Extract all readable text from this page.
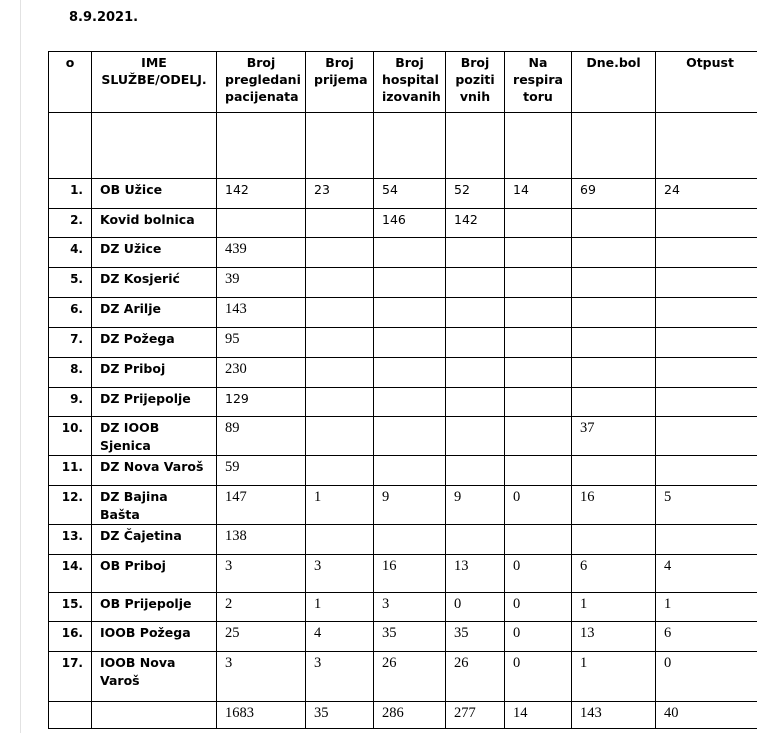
8.9.2021.
o	IME SLUŽBE/ODELJ.	Broj pregledani pacijenata	Broj prijema	Broj hospital izovanih	Broj poziti vnih	Na respira toru	Dne.bol	Otpust

1.	OB Užice	142	23	54	52	14	69	24
2.	Kovid bolnica			146	142			
4.	DZ Užice	439						
5.	DZ Kosjerić	39						
6.	DZ Arilje	143						
7.	DZ Požega	95						
8.	DZ Priboj	230						
9.	DZ Prijepolje	129						
10.	DZ IOOB Sjenica	89					37	
11.	DZ Nova Varoš	59						
12.	DZ Bajina Bašta	147	1	9	9	0	16	5
13.	DZ Čajetina	138						
14.	OB Priboj	3	3	16	13	0	6	4
15.	OB Prijepolje	2	1	3	0	0	1	1
16.	IOOB Požega	25	4	35	35	0	13	6
17.	IOOB Nova Varoš	3	3	26	26	0	1	0
		1683	35	286	277	14	143	40
